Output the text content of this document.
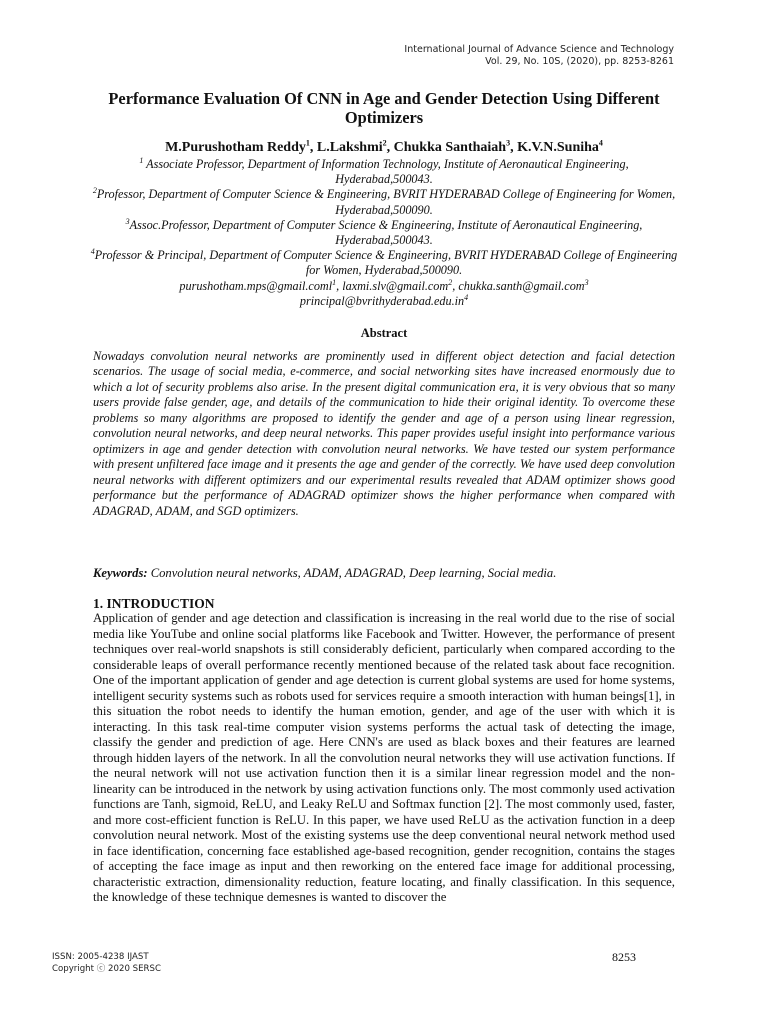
International Journal of Advance Science and Technology
Vol. 29, No. 10S, (2020), pp. 8253-8261
Performance Evaluation Of CNN in Age and Gender Detection Using Different Optimizers
M.Purushotham Reddy$^1$, L.Lakshmi$^2$, Chukka Santhaiah$^3$, K.V.N.Suniha$^4$
$^1$ Associate Professor, Department of Information Technology, Institute of Aeronautical Engineering, Hyderabad,500043.
$^2$Professor, Department of Computer Science & Engineering, BVRIT HYDERABAD College of Engineering for Women, Hyderabad,500090.
$^3$Assoc.Professor, Department of Computer Science & Engineering, Institute of Aeronautical Engineering, Hyderabad,500043.
$^4$Professor & Principal, Department of Computer Science & Engineering, BVRIT HYDERABAD College of Engineering for Women, Hyderabad,500090.
purushotham.mps@gmail.coml$^1$, laxmi.slv@gmail.com$^2$, chukka.santh@gmail.com$^3$
$principal@bvrithyderabad.edu.in^4$
Abstract

Nowadays convolution neural networks are prominently used in different object detection and facial detection scenarios. The usage of social media, e-commerce, and social networking sites have increased enormously due to which a lot of security problems also arise. In the present digital communication era, it is very obvious that so many users provide false gender, age, and details of the communication to hide their original identity. To overcome these problems so many algorithms are proposed to identify the gender and age of a person using linear regression, convolution neural networks, and deep neural networks. This paper provides useful insight into performance various optimizers in age and gender detection with convolution neural networks. We have tested our system performance with present unfiltered face image and it presents the age and gender of the correctly. We have used deep convolution neural networks with different optimizers and our experimental results revealed that ADAM optimizer shows good performance but the performance of ADAGRAD optimizer shows the higher performance when compared with ADAGRAD, ADAM, and SGD optimizers.

Keywords: Convolution neural networks, ADAM, ADAGRAD, Deep learning, Social media.
1. INTRODUCTION

Application of gender and age detection and classification is increasing in the real world due to the rise of social media like YouTube and online social platforms like Facebook and Twitter. However, the performance of present techniques over real-world snapshots is still considerably deficient, particularly when compared according to the considerable leaps of overall performance recently mentioned because of the related task about face recognition. One of the important application of gender and age detection is current global systems are used for home systems, intelligent security systems such as robots used for services require a smooth interaction with human beings[1], in this situation the robot needs to identify the human emotion, gender, and age of the user with which it is interacting. In this task real-time computer vision systems performs the actual task of detecting the image, classify the gender and prediction of age. Here CNN's are used as black boxes and their features are learned through hidden layers of the network. In all the convolution neural networks they will use activation functions. If the neural network will not use activation function then it is a similar linear regression model and the non-linearity can be introduced in the network by using activation functions only. The most commonly used activation functions are Tanh, sigmoid, ReLU, and Leaky ReLU and Softmax function [2]. The most commonly used, faster, and more cost-efficient function is ReLU. In this paper, we have used ReLU as the activation function in a deep convolution neural network. Most of the existing systems use the deep conventional neural network method used in face identification, concerning face established age-based recognition, gender recognition, contains the stages of accepting the face image as input and then reworking on the entered face image for additional processing, characteristic extraction, dimensionality reduction, feature locating, and finally classification. In this sequence, the knowledge of these technique demesnes is wanted to discover the

ISSN: 2005-4238 IJAST
Copyright ⓒ 2020 SERSC
8253
